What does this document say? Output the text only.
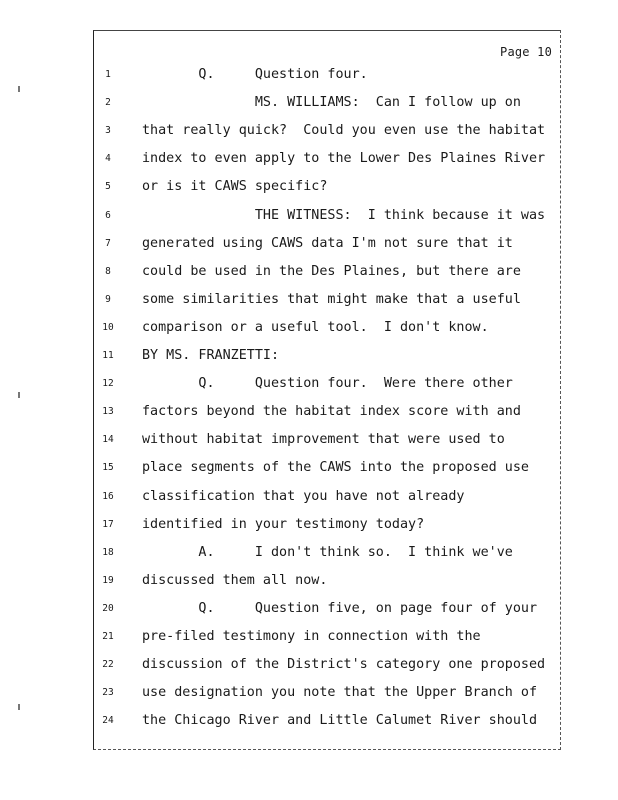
Page 10
1	Q.     Question four.
2	MS. WILLIAMS:  Can I follow up on
3	that really quick?  Could you even use the habitat
4	index to even apply to the Lower Des Plaines River
5	or is it CAWS specific?
6	THE WITNESS:  I think because it was
7	generated using CAWS data I'm not sure that it
8	could be used in the Des Plaines, but there are
9	some similarities that might make that a useful
10 comparison or a useful tool.  I don't know.
11 BY MS. FRANZETTI:
12 Q.     Question four.  Were there other
13 factors beyond the habitat index score with and
14 without habitat improvement that were used to
15 place segments of the CAWS into the proposed use
16 classification that you have not already
17 identified in your testimony today?
18 A.     I don't think so.  I think we've
19 discussed them all now.
20 Q.     Question five, on page four of your
21 pre-filed testimony in connection with the
22 discussion of the District's category one proposed
23 use designation you note that the Upper Branch of
24 the Chicago River and Little Calumet River should
